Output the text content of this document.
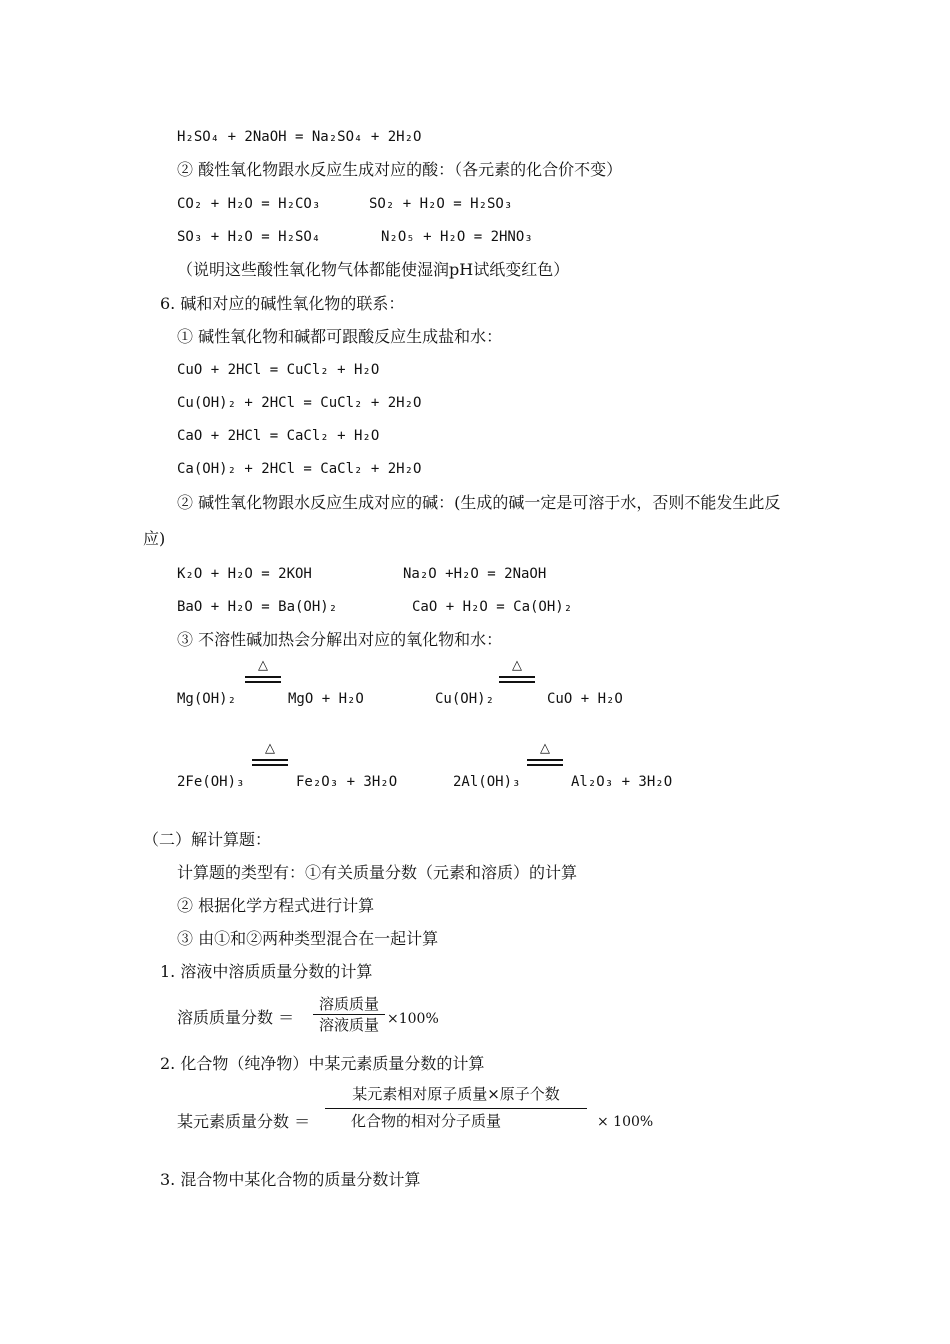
H₂SO₄ + 2NaOH = Na₂SO₄ + 2H₂O
② 酸性氧化物跟水反应生成对应的酸：（各元素的化合价不变）
CO₂ + H₂O = H₂CO₃	SO₂ + H₂O = H₂SO₃
SO₃ + H₂O = H₂SO₄	N₂O₅ + H₂O = 2HNO₃
（说明这些酸性氧化物气体都能使湿润pH试纸变红色）
6. 碱和对应的碱性氧化物的联系：
① 碱性氧化物和碱都可跟酸反应生成盐和水：
CuO + 2HCl = CuCl₂ + H₂O
Cu(OH)₂ + 2HCl = CuCl₂ + 2H₂O
CaO + 2HCl = CaCl₂ + H₂O
Ca(OH)₂ + 2HCl = CaCl₂ + 2H₂O
② 碱性氧化物跟水反应生成对应的碱：(生成的碱一定是可溶于水，否则不能发生此反
应)
K₂O + H₂O = 2KOH	Na₂O +H₂O = 2NaOH
BaO + H₂O = Ba(OH)₂	CaO + H₂O = Ca(OH)₂
③ 不溶性碱加热会分解出对应的氧化物和水：
Mg(OH)₂
△
MgO + H₂O	Cu(OH)₂
△
CuO + H₂O
2Fe(OH)₃
△
Fe₂O₃ + 3H₂O	2Al(OH)₃
△
Al₂O₃ + 3H₂O
（二）解计算题：
计算题的类型有：①有关质量分数（元素和溶质）的计算
② 根据化学方程式进行计算
③ 由①和②两种类型混合在一起计算
1. 溶液中溶质质量分数的计算
溶质质量分数 ＝
溶质质量
溶液质量 ×100%
2. 化合物（纯净物）中某元素质量分数的计算
某元素质量分数 ＝
某元素相对原子质量×原子个数
化合物的相对分子质量	× 100%
3. 混合物中某化合物的质量分数计算
